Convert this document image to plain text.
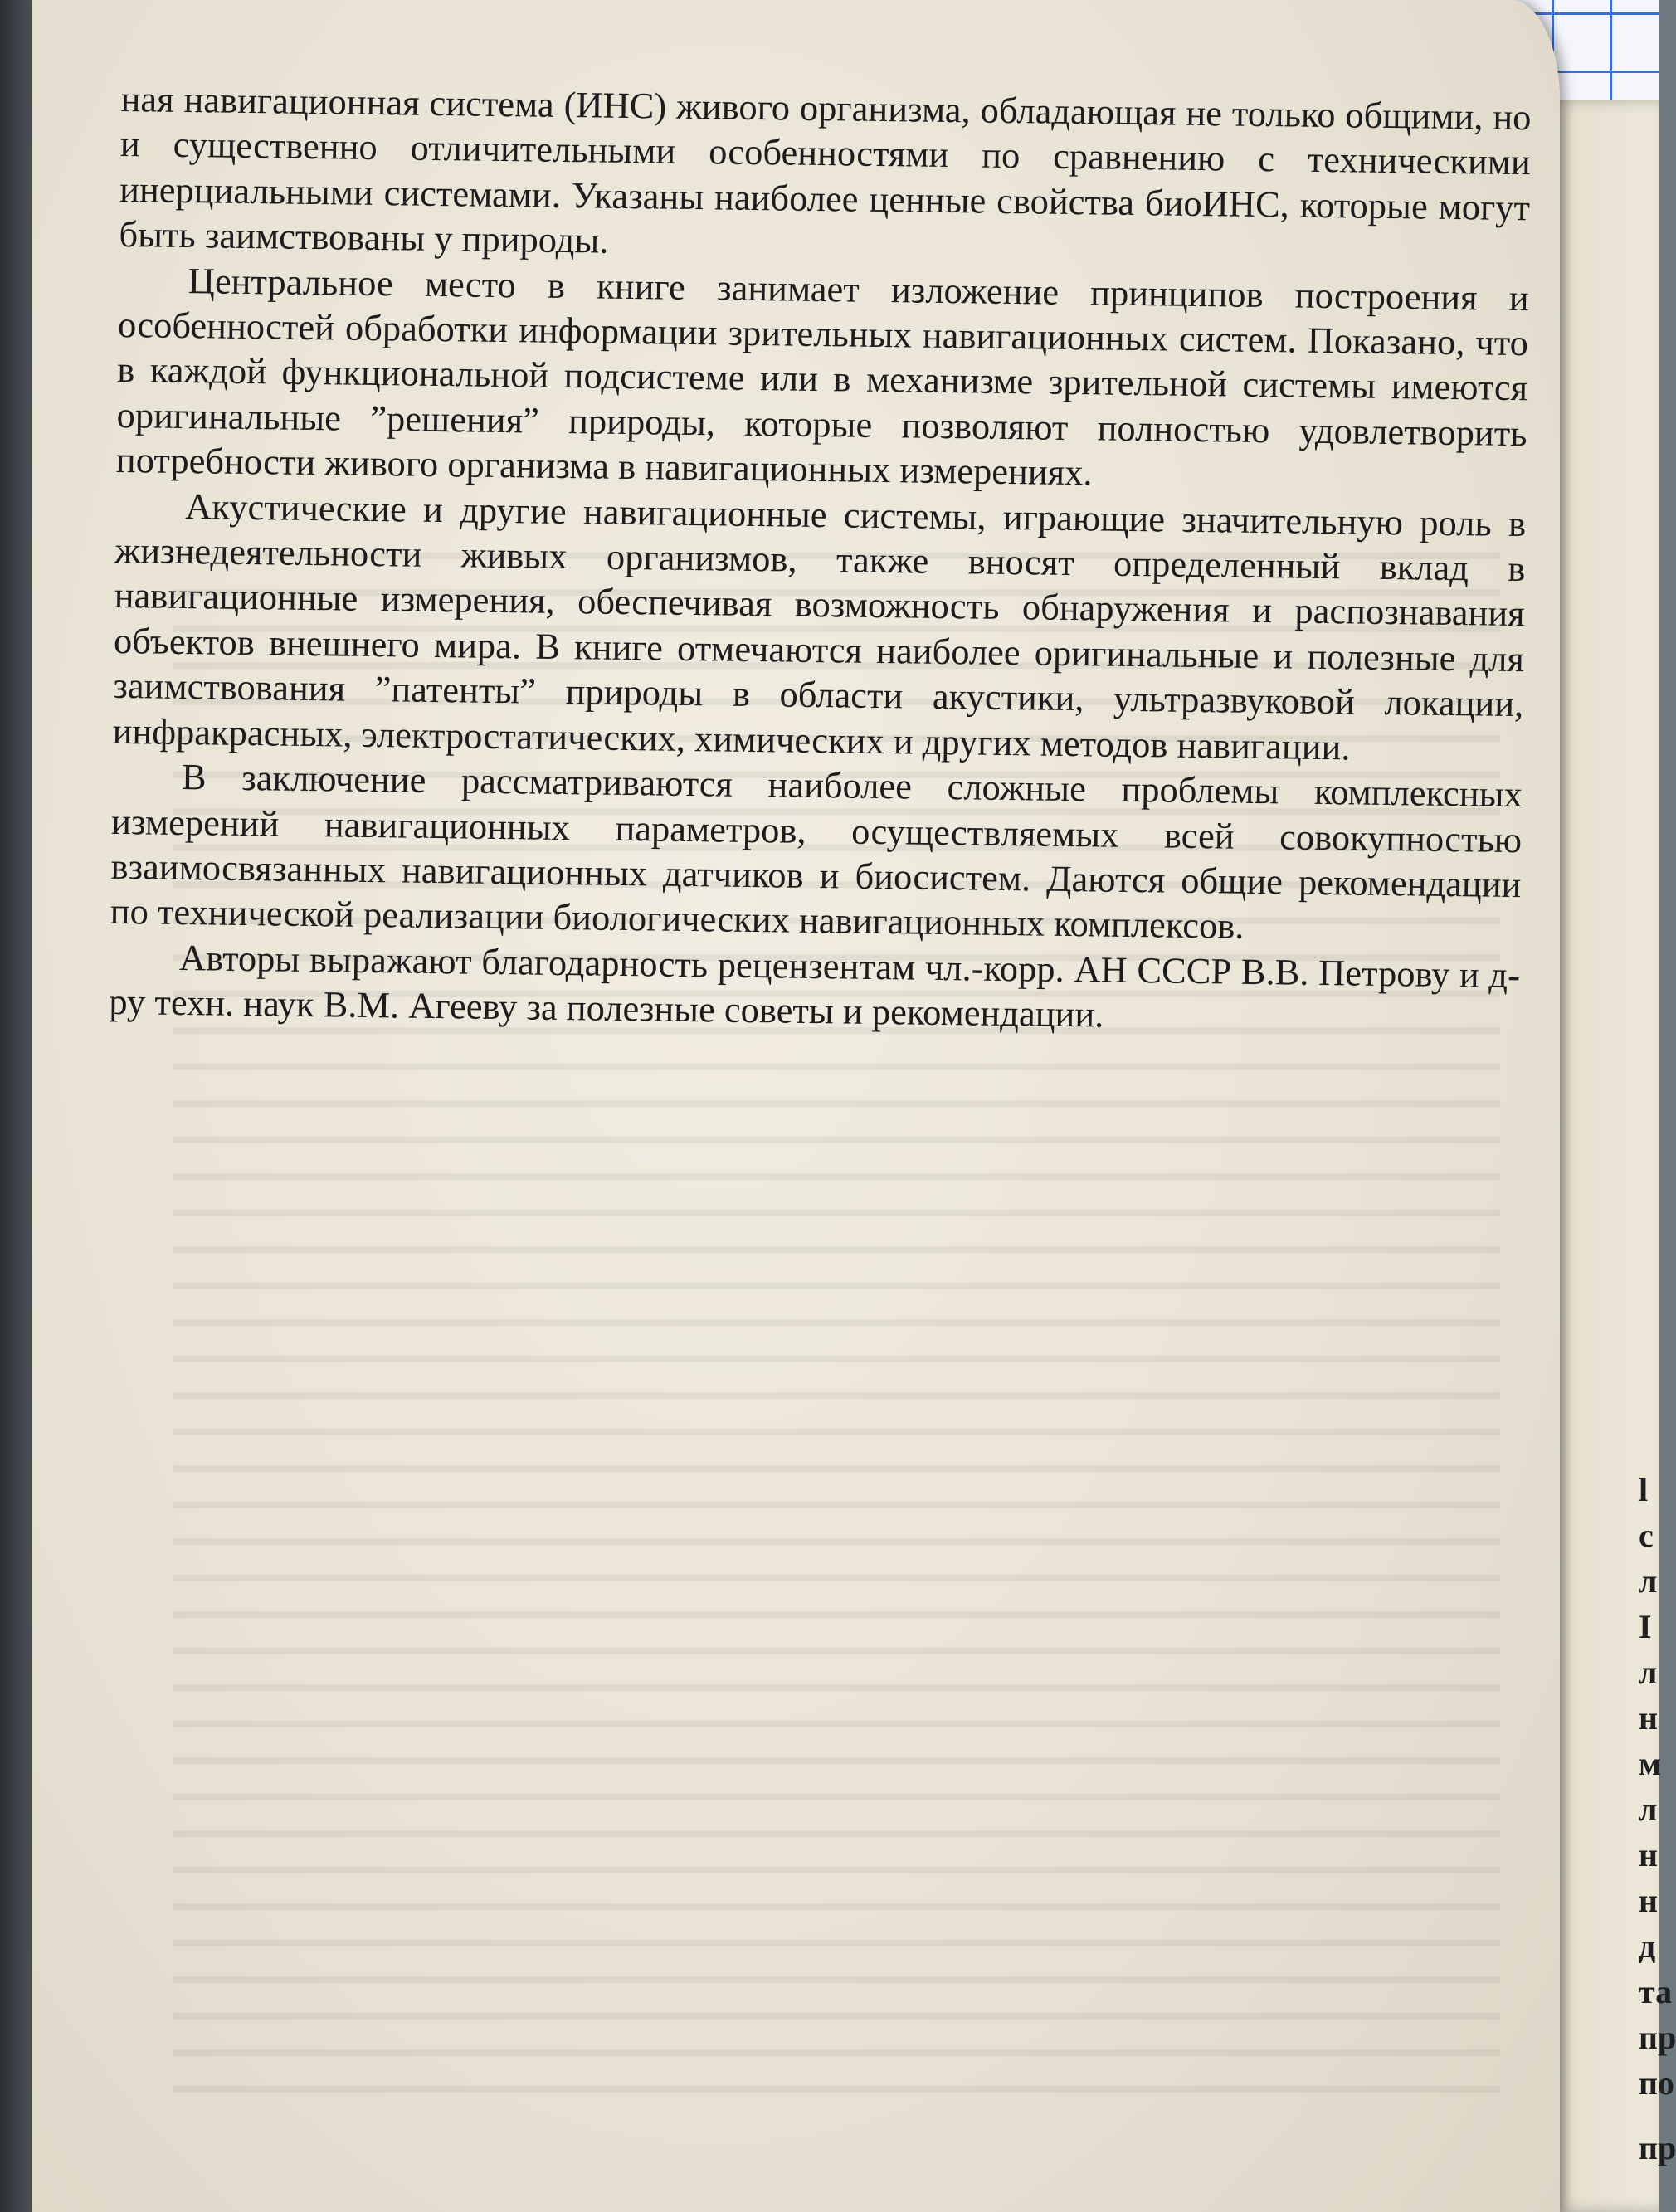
l

с

л

I

л

н

м

л

н

н

д

та

пр

по

пр

ная навигационная система (ИНС) живого организма, обладающая не только общими, но и существенно отличительными особенностями по сравнению с техническими инерциальными системами. Указаны наиболее ценные свойства биоИНС, которые могут быть заимствованы у природы.

Центральное место в книге занимает изложение принципов построения и особенностей обработки информации зрительных навигационных систем. Показано, что в каждой функциональной подсистеме или в механизме зрительной системы имеются оригинальные ”решения” природы, которые позволяют полностью удовлетворить потребности живого организма в навигационных измерениях.

Акустические и другие навигационные системы, играющие значительную роль в жизнедеятельности живых организмов, также вносят определенный вклад в навигационные измерения, обеспечивая возможность обнаружения и распознавания объектов внешнего мира. В книге отмечаются наиболее оригинальные и полезные для заимствования ”патенты” природы в области акустики, ультразвуковой локации, инфракрасных, электростатических, химических и других методов навигации.

В заключение рассматриваются наиболее сложные проблемы комплексных измерений навигационных параметров, осуществляемых всей совокупностью взаимосвязанных навигационных датчиков и биосистем. Даются общие рекомендации по технической реализации биологических навигационных комплексов.

Авторы выражают благодарность рецензентам чл.-корр. АН СССР В.В. Петрову и д-ру техн. наук В.М. Агееву за полезные советы и рекомендации.
